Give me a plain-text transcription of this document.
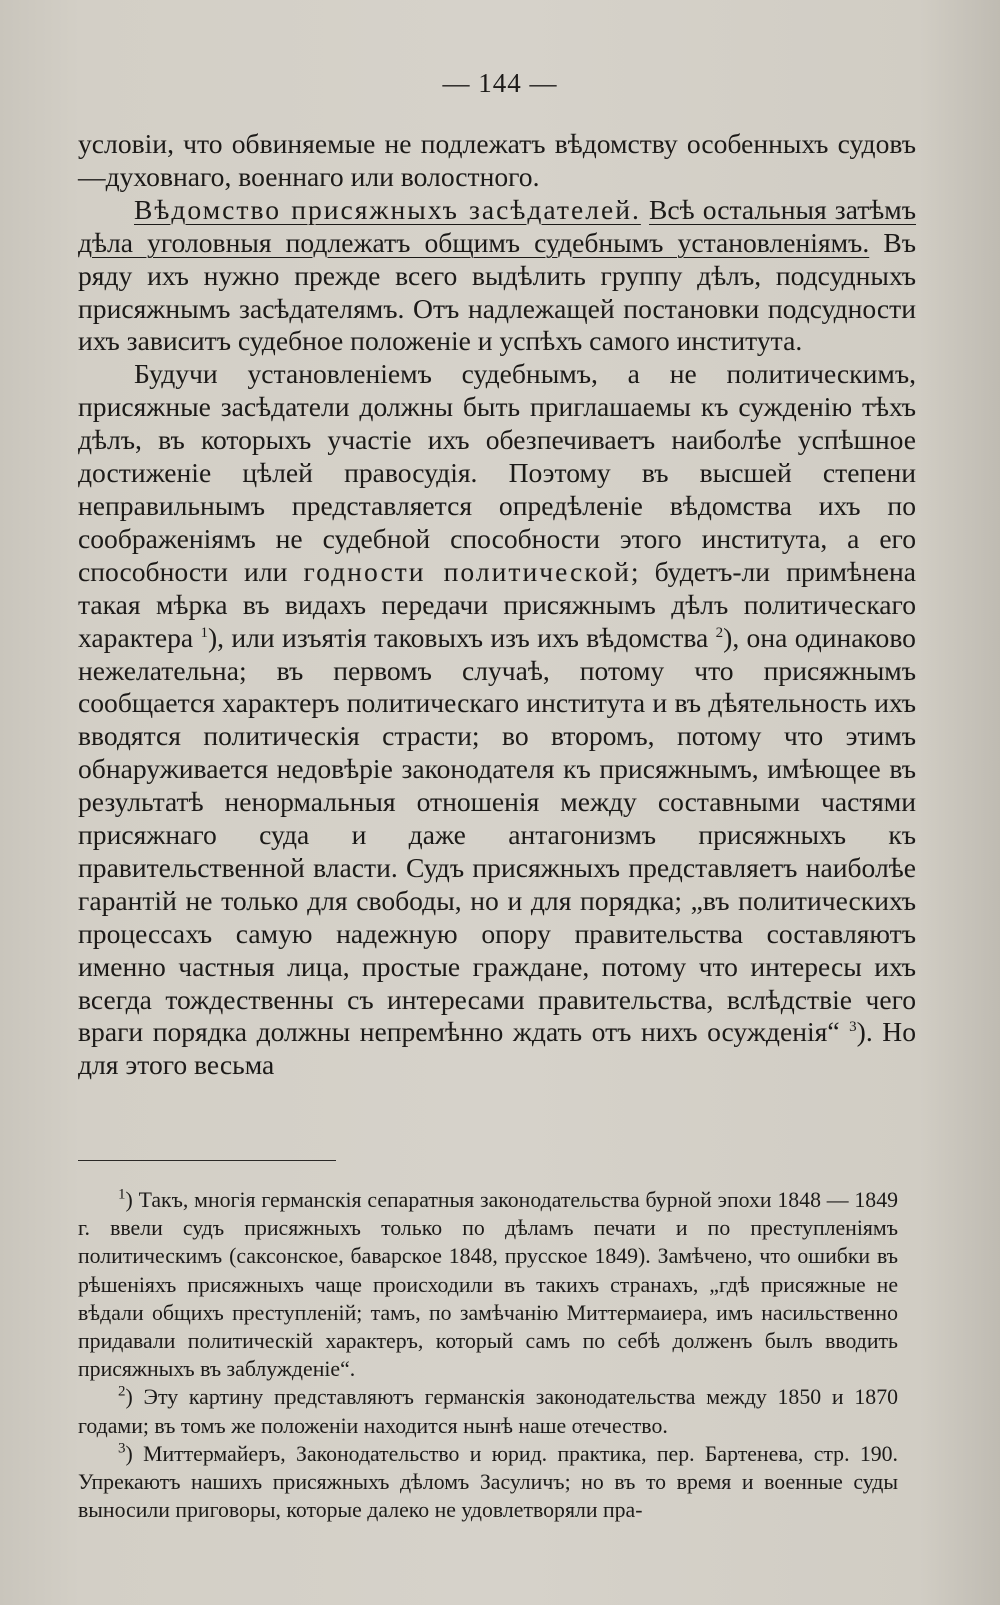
— 144 —

условіи, что обвиняемые не подлежатъ вѣдомству особенныхъ судовъ—духовнаго, военнаго или волостного.

Вѣдомство присяжныхъ засѣдателей. Всѣ остальныя затѣмъ дѣла уголовныя подлежатъ общимъ судебнымъ установленіямъ. Въ ряду ихъ нужно прежде всего выдѣлить группу дѣлъ, подсудныхъ присяжнымъ засѣдателямъ. Отъ надлежащей постановки подсудности ихъ зависитъ судебное положеніе и успѣхъ самого института.

Будучи установленіемъ судебнымъ, а не политическимъ, присяжные засѣдатели должны быть приглашаемы къ сужденію тѣхъ дѣлъ, въ которыхъ участіе ихъ обезпечиваетъ наиболѣе успѣшное достиженіе цѣлей правосудія. Поэтому въ высшей степени неправильнымъ представляется опредѣленіе вѣдомства ихъ по соображеніямъ не судебной способности этого института, а его способности или годности политической; будетъ-ли примѣнена такая мѣрка въ видахъ передачи присяжнымъ дѣлъ политическаго характера $^1$), или изъятія таковыхъ изъ ихъ вѣдомства $^2$), она одинаково нежелательна; въ первомъ случаѣ, потому что присяжнымъ сообщается характеръ политическаго института и въ дѣятельность ихъ вводятся политическія страсти; во второмъ, потому что этимъ обнаруживается недовѣріе законодателя къ присяжнымъ, имѣющее въ результатѣ ненормальныя отношенія между составными частями присяжнаго суда и даже антагонизмъ присяжныхъ къ правительственной власти. Судъ присяжныхъ представляетъ наиболѣе гарантій не только для свободы, но и для порядка; „въ политическихъ процессахъ самую надежную опору правительства составляютъ именно частныя лица, простые граждане, потому что интересы ихъ всегда тождественны съ интересами правительства, вслѣдствіе чего враги порядка должны непремѣнно ждать отъ нихъ осужденія“ $^3$). Но для этого весьма

$^1$) Такъ, многія германскія сепаратныя законодательства бурной эпохи 1848 — 1849 г. ввели судъ присяжныхъ только по дѣламъ печати и по преступленіямъ политическимъ (саксонское, баварское 1848, прусское 1849). Замѣчено, что ошибки въ рѣшеніяхъ присяжныхъ чаще происходили въ такихъ странахъ, „гдѣ присяжные не вѣдали общихъ преступленій; тамъ, по замѣчанію Миттермаиера, имъ насильственно придавали политическій характеръ, который самъ по себѣ долженъ былъ вводить присяжныхъ въ заблужденіе“.

$^2$) Эту картину представляютъ германскія законодательства между 1850 и 1870 годами; въ томъ же положеніи находится нынѣ наше отечество.

$^3$) Миттермайеръ, Законодательство и юрид. практика, пер. Бартенева, стр. 190. Упрекаютъ нашихъ присяжныхъ дѣломъ Засуличъ; но въ то время и военные суды выносили приговоры, которые далеко не удовлетворяли пра-
